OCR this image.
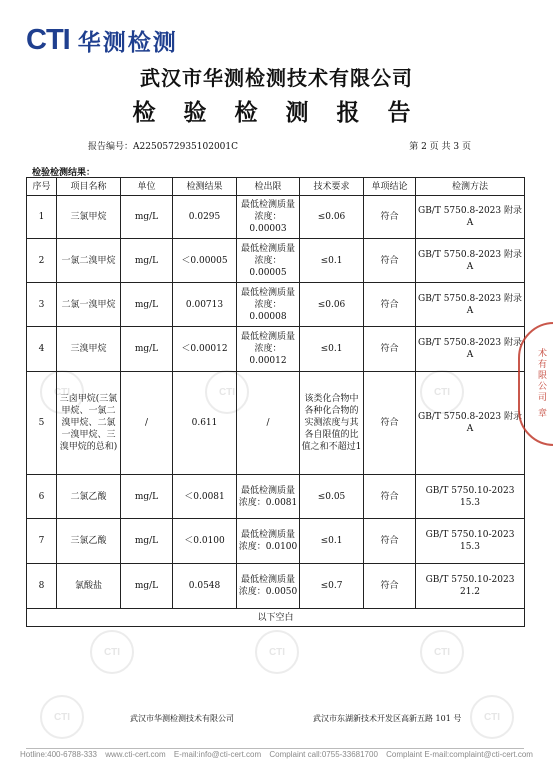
CTI	CTI	CTI
CTI	CTI	CTI
CTI	CTI
CTI 华测检测
武汉市华测检测技术有限公司
检 验 检 测 报 告
报告编号：A2250572935102001C	第 2 页 共 3 页
检验检测结果：
序号	项目名称	单位	检测结果	检出限	技术要求	单项结论	检测方法
1	三氯甲烷	mg/L	0.0295	最低检测质量浓度：0.00003	≤0.06	符合	GB/T 5750.8-2023 附录 A
2	一氯二溴甲烷	mg/L	＜0.00005	最低检测质量浓度：0.00005	≤0.1	符合	GB/T 5750.8-2023 附录 A
3	二氯一溴甲烷	mg/L	0.00713	最低检测质量浓度：0.00008	≤0.06	符合	GB/T 5750.8-2023 附录 A
4	三溴甲烷	mg/L	＜0.00012	最低检测质量浓度：0.00012	≤0.1	符合	GB/T 5750.8-2023 附录 A
5	三卤甲烷(三氯甲烷、一氯二溴甲烷、二氯一溴甲烷、三溴甲烷的总和)	/	0.611	/	该类化合物中各种化合物的实测浓度与其各自限值的比值之和不超过1	符合	GB/T 5750.8-2023 附录 A
6	二氯乙酸	mg/L	＜0.0081	最低检测质量浓度：0.0081	≤0.05	符合	GB/T 5750.10-2023 15.3
7	三氯乙酸	mg/L	＜0.0100	最低检测质量浓度：0.0100	≤0.1	符合	GB/T 5750.10-2023 15.3
8	氯酸盐	mg/L	0.0548	最低检测质量浓度：0.0050	≤0.7	符合	GB/T 5750.10-2023 21.2
以下空白							
术有限公司 章
武汉市华测检测技术有限公司	武汉市东湖新技术开发区高新五路 101 号
Hotline:400-6788-333 www.cti-cert.com E-mail:info@cti-cert.com Complaint call:0755-33681700 Complaint E-mail:complaint@cti-cert.com
